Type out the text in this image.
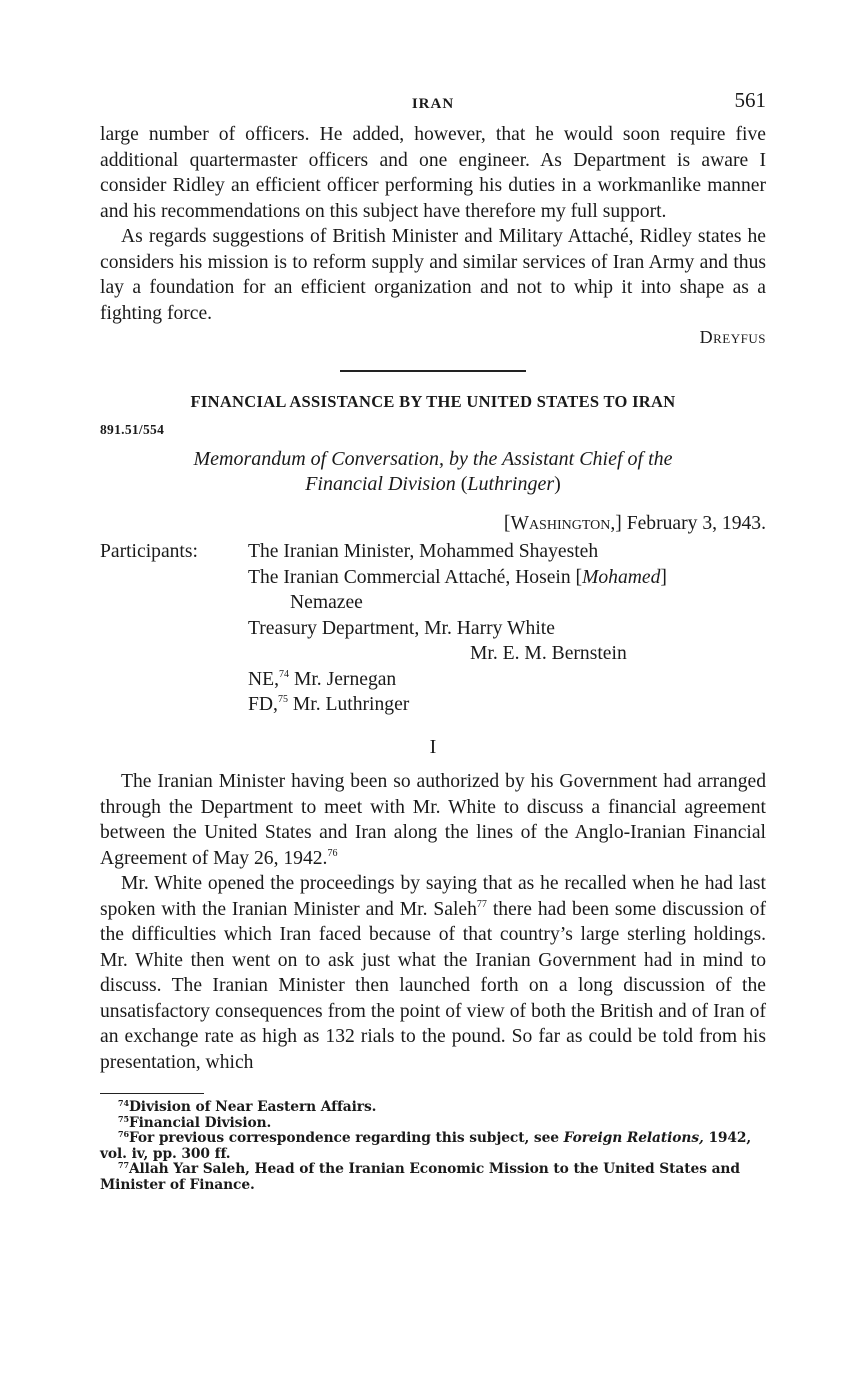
IRAN	561

large number of officers. He added, however, that he would soon require five additional quartermaster officers and one engineer. As Department is aware I consider Ridley an efficient officer performing his duties in a workmanlike manner and his recommendations on this subject have therefore my full support.

As regards suggestions of British Minister and Military Attaché, Ridley states he considers his mission is to reform supply and similar services of Iran Army and thus lay a foundation for an efficient organization and not to whip it into shape as a fighting force.

Dreyfus
FINANCIAL ASSISTANCE BY THE UNITED STATES TO IRAN
891.51/554
Memorandum of Conversation, by the Assistant Chief of the
Financial Division (Luthringer)
[Washington,] February 3, 1943.
Participants:	The Iranian Minister, Mohammed Shayesteh
The Iranian Commercial Attaché, Hosein [Mohamed]
Nemazee
Treasury Department, Mr. Harry White
Mr. E. M. Bernstein
NE,$^{74}$ Mr. Jernegan
FD,$^{75}$ Mr. Luthringer
I

The Iranian Minister having been so authorized by his Government had arranged through the Department to meet with Mr. White to discuss a financial agreement between the United States and Iran along the lines of the Anglo-Iranian Financial Agreement of May 26, 1942.76

Mr. White opened the proceedings by saying that as he recalled when he had last spoken with the Iranian Minister and Mr. Saleh$^{77}$ there had been some discussion of the difficulties which Iran faced because of that country’s large sterling holdings. Mr. White then went on to ask just what the Iranian Government had in mind to discuss. The Iranian Minister then launched forth on a long discussion of the unsatisfactory consequences from the point of view of both the British and of Iran of an exchange rate as high as 132 rials to the pound. So far as could be told from his presentation, which

$^{74}$Division of Near Eastern Affairs.
$^{75}$Financial Division.
$^{76}$For previous correspondence regarding this subject, see Foreign Relations, 1942, vol. iv, pp. 300 ff.
$^{77}$Allah Yar Saleh, Head of the Iranian Economic Mission to the United States and Minister of Finance.
